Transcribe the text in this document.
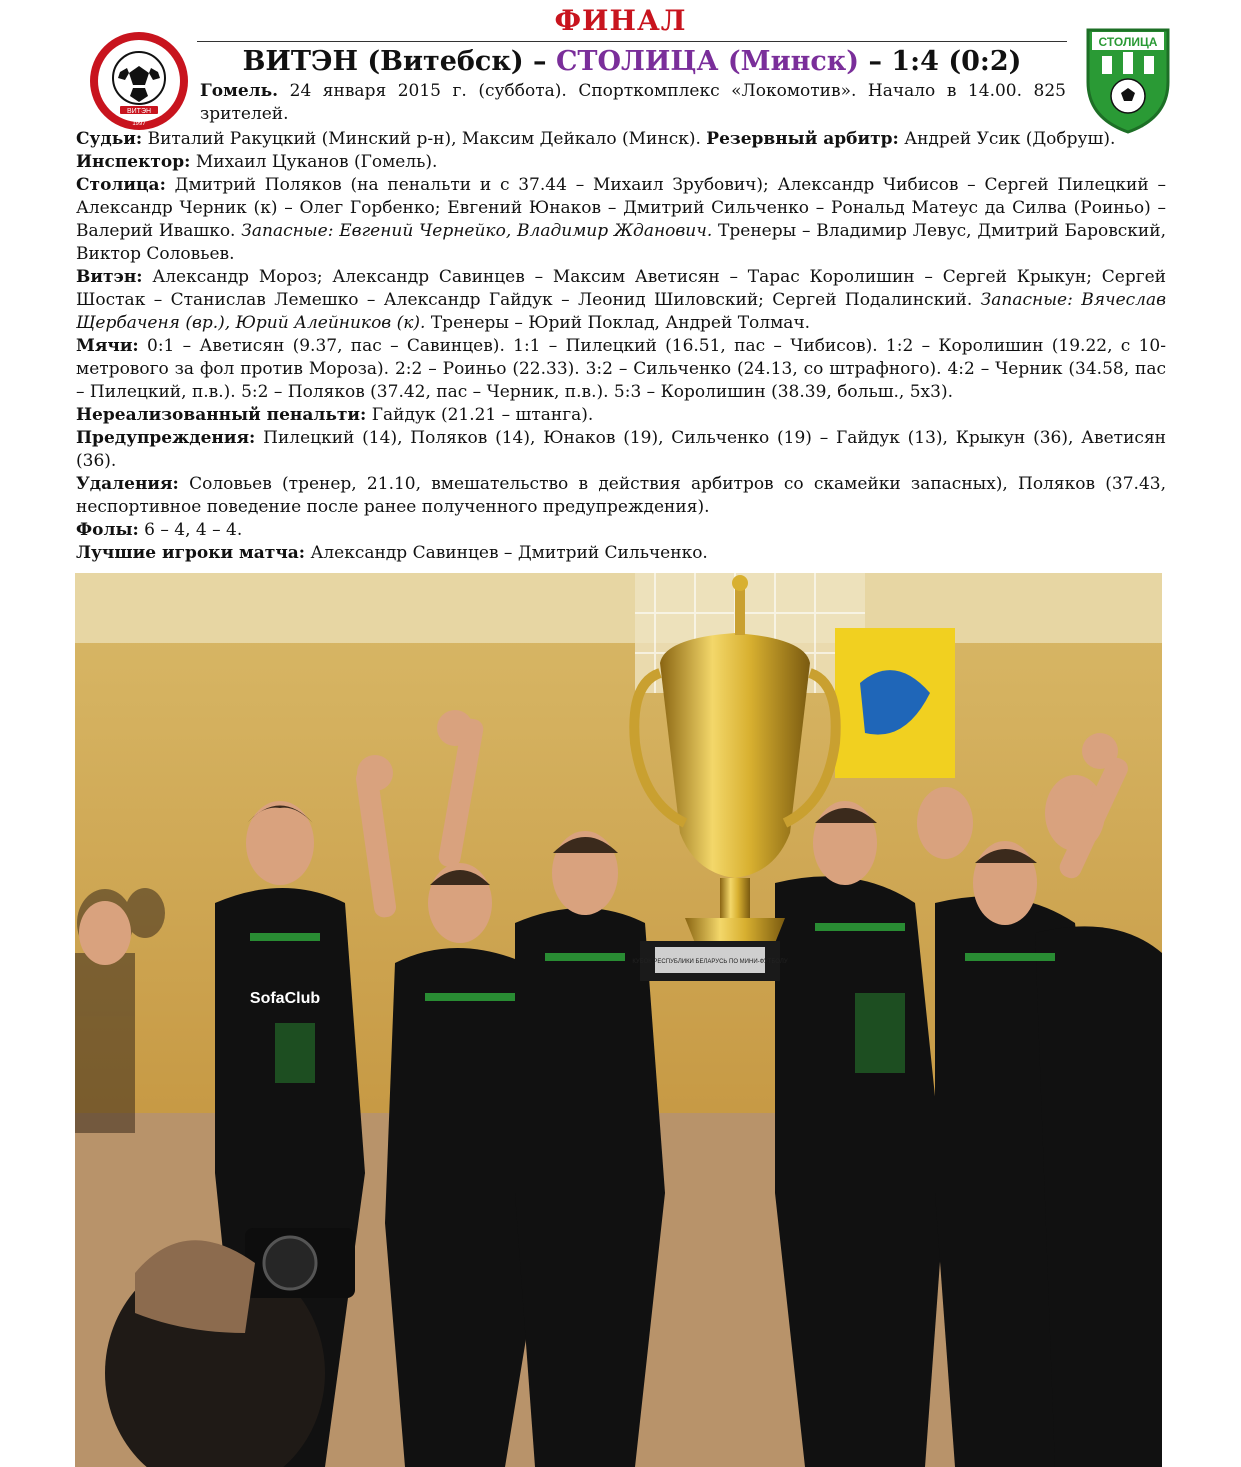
ФИНАЛ
ВИТЭН
1997
СТОЛИЦА
ВИТЭН (Витебск) – СТОЛИЦА (Минск) – 1:4 (0:2)
Гомель. 24 января 2015 г. (суббота). Спорткомплекс «Локомотив». Начало в 14.00. 825 зрителей.

Судьи: Виталий Ракуцкий (Минский р-н), Максим Дейкало (Минск). Резервный арбитр: Андрей Усик (Добруш).

Инспектор: Михаил Цуканов (Гомель).

Столица: Дмитрий Поляков (на пенальти и с 37.44 – Михаил Зрубович); Александр Чибисов – Сергей Пилецкий – Александр Черник (к) – Олег Горбенко; Евгений Юнаков – Дмитрий Сильченко – Рональд Матеус да Силва (Роиньо) – Валерий Ивашко. Запасные: Евгений Чернейко, Владимир Жданович. Тренеры – Владимир Левус, Дмитрий Баровский, Виктор Соловьев.

Витэн: Александр Мороз; Александр Савинцев – Максим Аветисян – Тарас Королишин – Сергей Крыкун; Сергей Шостак – Станислав Лемешко – Александр Гайдук – Леонид Шиловский; Сергей Подалинский. Запасные: Вячеслав Щербаченя (вр.), Юрий Алейников (к). Тренеры – Юрий Поклад, Андрей Толмач.

Мячи: 0:1 – Аветисян (9.37, пас – Савинцев). 1:1 – Пилецкий (16.51, пас – Чибисов). 1:2 – Королишин (19.22, с 10-метрового за фол против Мороза). 2:2 – Роиньо (22.33). 3:2 – Сильченко (24.13, со штрафного). 4:2 – Черник (34.58, пас – Пилецкий, п.в.). 5:2 – Поляков (37.42, пас – Черник, п.в.). 5:3 – Королишин (38.39, больш., 5х3).

Нереализованный пенальти: Гайдук (21.21 – штанга).

Предупреждения: Пилецкий (14), Поляков (14), Юнаков (19), Сильченко (19) – Гайдук (13), Крыкун (36), Аветисян (36).

Удаления: Соловьев (тренер, 21.10, вмешательство в действия арбитров со скамейки запасных), Поляков (37.43, неспортивное поведение после ранее полученного предупреждения).

Фолы: 6 – 4, 4 – 4.

Лучшие игроки матча: Александр Савинцев – Дмитрий Сильченко.

SofaClub
КУБОК РЕСПУБЛИКИ БЕЛАРУСЬ ПО МИНИ-ФУТБОЛУ
